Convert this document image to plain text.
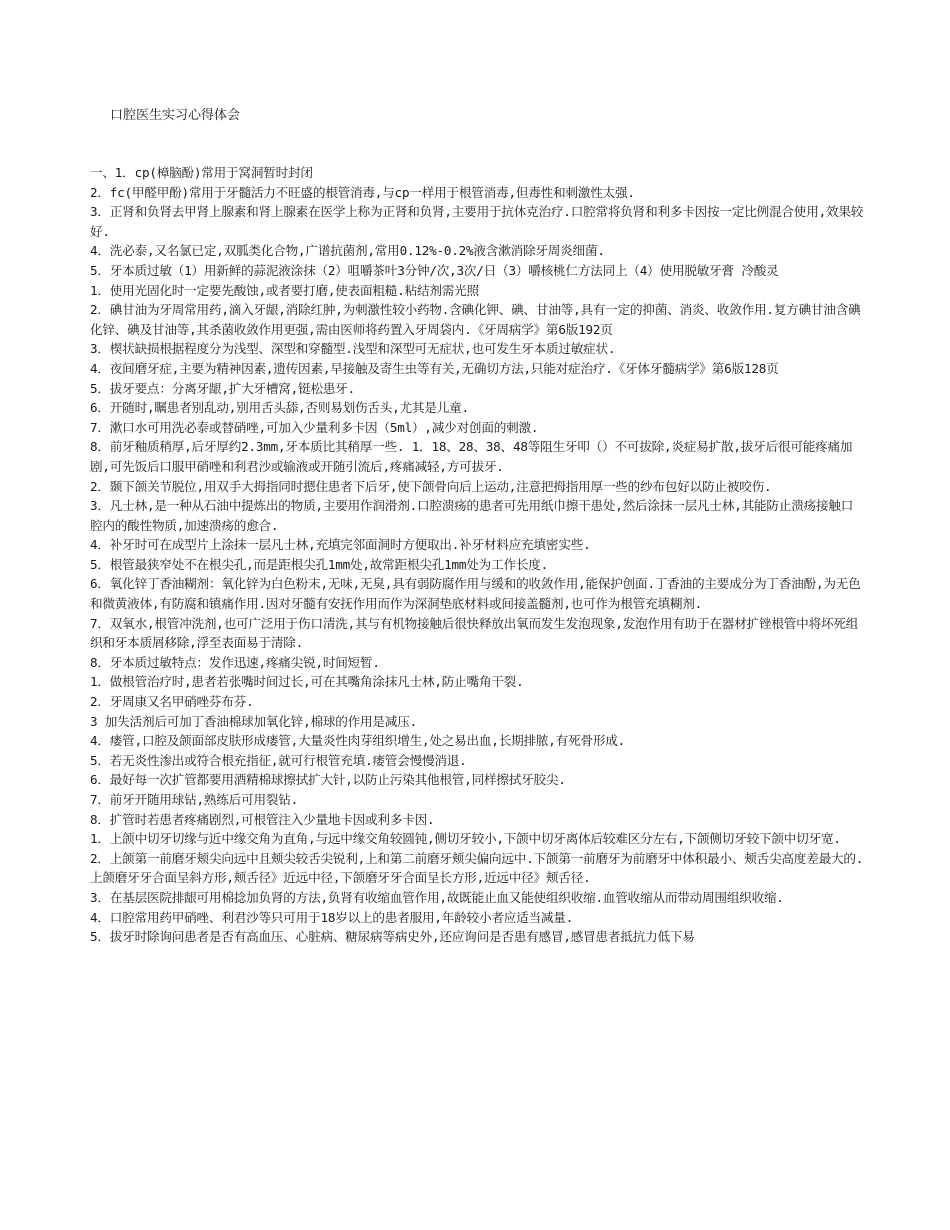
口腔医生实习心得体会

一、1．cp(樟脑酚)常用于窝洞暂时封闭

2．fc(甲醛甲酚)常用于牙髓活力不旺盛的根管消毒,与cp一样用于根管消毒,但毒性和刺激性太强.

3．正肾和负肾去甲肾上腺素和肾上腺素在医学上称为正肾和负肾,主要用于抗休克治疗.口腔常将负肾和利多卡因按一定比例混合使用,效果较好.

4．洗必泰,又名氯已定,双胍类化合物,广谱抗菌剂,常用0.12%-0.2%液含漱消除牙周炎细菌.

5．牙本质过敏（1）用新鲜的蒜泥液涂抹（2）咀嚼茶叶3分钟/次,3次/日（3）嚼核桃仁方法同上（4）使用脱敏牙膏 冷酸灵

1．使用光固化时一定要先酸蚀,或者要打磨,使表面粗糙.粘结剂需光照

2．碘甘油为牙周常用药,滴入牙龈,消除红肿,为刺激性较小药物.含碘化钾、碘、甘油等,具有一定的抑菌、消炎、收敛作用.复方碘甘油含碘化锌、碘及甘油等,其杀菌收敛作用更强,需由医师将药置入牙周袋内.《牙周病学》第6版192页

3．楔状缺损根据程度分为浅型、深型和穿髓型.浅型和深型可无症状,也可发生牙本质过敏症状.

4．夜间磨牙症,主要为精神因素,遗传因素,早接触及寄生虫等有关,无确切方法,只能对症治疗.《牙体牙髓病学》第6版128页

5．拔牙要点：分离牙龈,扩大牙槽窝,铤松患牙.

6．开随时,瞩患者别乱动,别用舌头舔,否则易划伤舌头,尤其是儿童.

7．漱口水可用洗必泰或替硝唑,可加入少量利多卡因（5ml）,减少对创面的刺激.

8．前牙釉质稍厚,后牙厚约2.3mm,牙本质比其稍厚一些. 1．18、28、38、48等阻生牙叩（）不可拔除,炎症易扩散,拔牙后很可能疼痛加剧,可先饭后口服甲硝唑和利君沙或输液或开随引流后,疼痛减轻,方可拔牙.

2．颞下颌关节脱位,用双手大拇指同时摁住患者下后牙,使下颌骨向后上运动,注意把拇指用厚一些的纱布包好以防止被咬伤.

3．凡士林,是一种从石油中提炼出的物质,主要用作润滑剂.口腔溃疡的患者可先用纸巾擦干患处,然后涂抹一层凡士林,其能防止溃疡接触口腔内的酸性物质,加速溃疡的愈合.

4．补牙时可在成型片上涂抹一层凡士林,充填完邻面洞时方便取出.补牙材料应充填密实些.

5．根管最狭窄处不在根尖孔,而是距根尖孔1mm处,故常距根尖孔1mm处为工作长度.

6．氧化锌丁香油糊剂：氧化锌为白色粉末,无味,无臭,具有弱防腐作用与缓和的收敛作用,能保护创面.丁香油的主要成分为丁香油酚,为无色和微黄液体,有防腐和镇痛作用.因对牙髓有安抚作用而作为深洞垫底材料或间接盖髓剂,也可作为根管充填糊剂.

7．双氧水,根管冲洗剂,也可广泛用于伤口清洗,其与有机物接触后很快释放出氧而发生发泡现象,发泡作用有助于在器材扩锉根管中将坏死组织和牙本质屑移除,浮至表面易于清除.

8．牙本质过敏特点：发作迅速,疼痛尖锐,时间短暂.

1．做根管治疗时,患者若张嘴时间过长,可在其嘴角涂抹凡士林,防止嘴角干裂.

2．牙周康又名甲硝唑芬布芬.

3 加失活剂后可加丁香油棉球加氧化锌,棉球的作用是减压.

4．瘘管,口腔及颌面部皮肤形成瘘管,大量炎性肉芽组织增生,处之易出血,长期排脓,有死骨形成.

5．若无炎性渗出或符合根充指征,就可行根管充填.瘘管会慢慢消退.

6．最好每一次扩管都要用酒精棉球擦拭扩大针,以防止污染其他根管,同样擦拭牙胶尖.

7．前牙开随用球钻,熟练后可用裂钻.

8．扩管时若患者疼痛剧烈,可根管注入少量地卡因或利多卡因.

1．上颌中切牙切缘与近中缘交角为直角,与远中缘交角较圆钝,侧切牙较小,下颌中切牙离体后较难区分左右,下颌侧切牙较下颌中切牙宽.

2．上颌第一前磨牙颊尖向远中且颊尖较舌尖锐利,上和第二前磨牙颊尖偏向远中.下颌第一前磨牙为前磨牙中体积最小、颊舌尖高度差最大的.上颌磨牙牙合面呈斜方形,颊舌径》近远中径,下颌磨牙牙合面呈长方形,近远中径》颊舌径.

3．在基层医院排龈可用棉捻加负肾的方法,负肾有收缩血管作用,故既能止血又能使组织收缩.血管收缩从而带动周围组织收缩.

4．口腔常用药甲硝唑、利君沙等只可用于18岁以上的患者服用,年龄较小者应适当减量.

5．拔牙时除询问患者是否有高血压、心脏病、糖尿病等病史外,还应询问是否患有感冒,感冒患者抵抗力低下易
